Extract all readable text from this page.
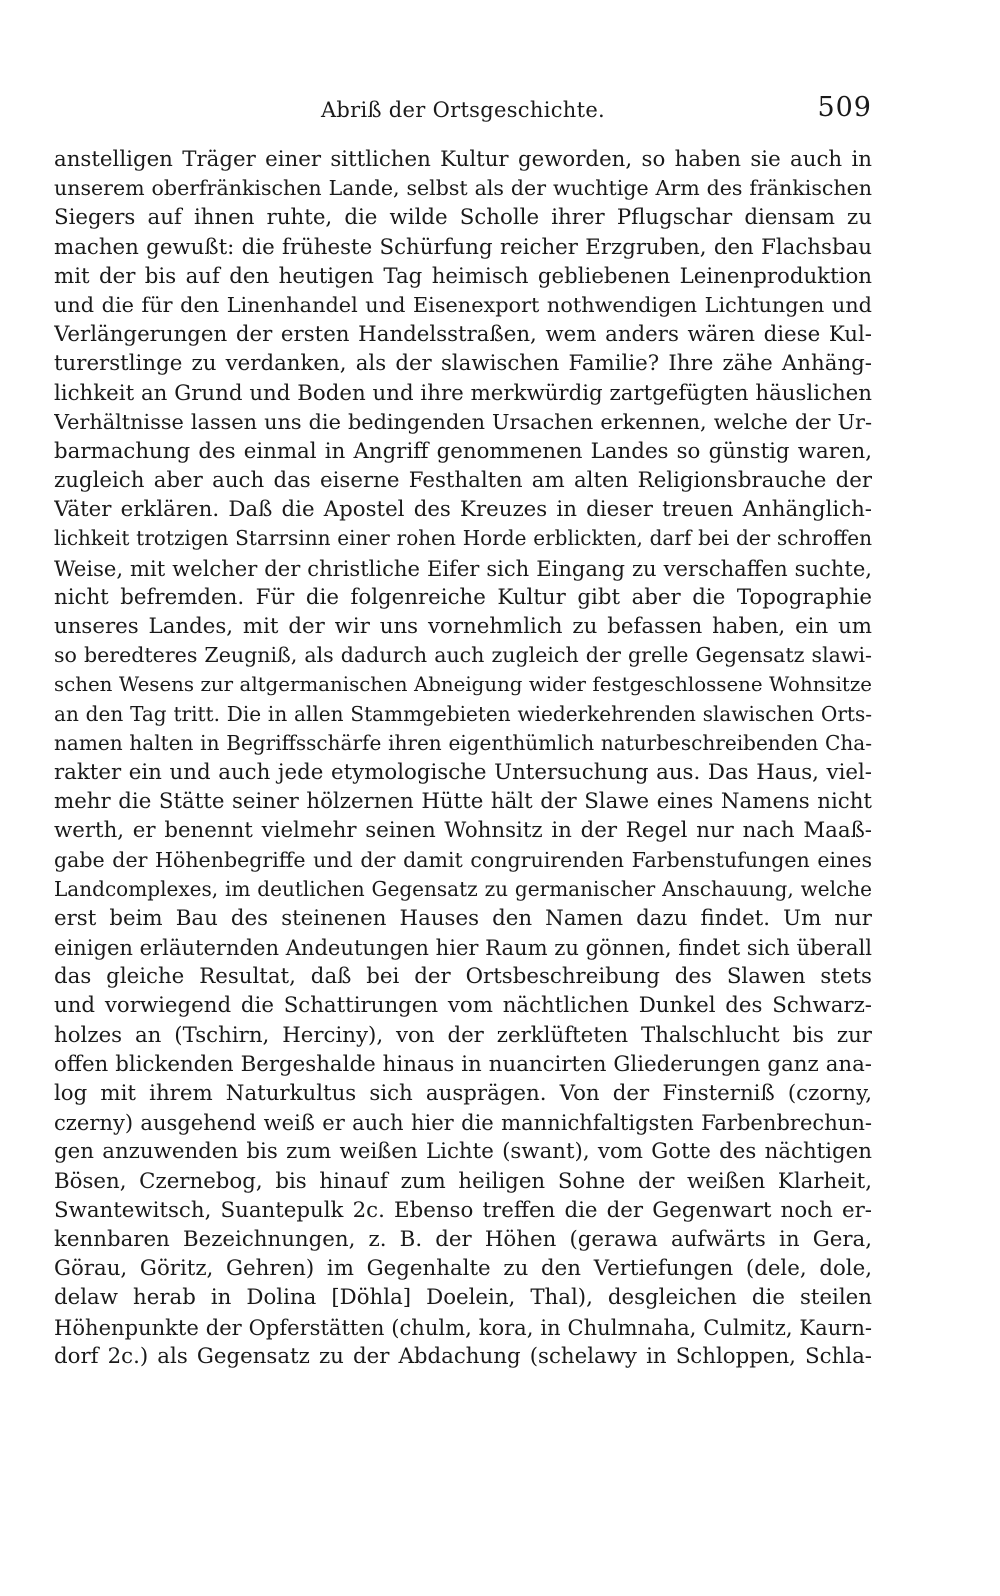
Abriß der Ortsgeschichte.	509
anstelligen Träger einer sittlichen Kultur geworden, so haben sie auch in
unserem oberfränkischen Lande, selbst als der wuchtige Arm des fränkischen
Siegers auf ihnen ruhte, die wilde Scholle ihrer Pflugschar diensam zu
machen gewußt: die früheste Schürfung reicher Erzgruben, den Flachsbau
mit der bis auf den heutigen Tag heimisch gebliebenen Leinenproduktion
und die für den Linenhandel und Eisenexport nothwendigen Lichtungen und
Verlängerungen der ersten Handelsstraßen, wem anders wären diese Kul-
turerstlinge zu verdanken, als der slawischen Familie? Ihre zähe Anhäng-
lichkeit an Grund und Boden und ihre merkwürdig zartgefügten häuslichen
Verhältnisse lassen uns die bedingenden Ursachen erkennen, welche der Ur-
barmachung des einmal in Angriff genommenen Landes so günstig waren,
zugleich aber auch das eiserne Festhalten am alten Religionsbrauche der
Väter erklären. Daß die Apostel des Kreuzes in dieser treuen Anhänglich-
lichkeit trotzigen Starrsinn einer rohen Horde erblickten, darf bei der schroffen
Weise, mit welcher der christliche Eifer sich Eingang zu verschaffen suchte,
nicht befremden. Für die folgenreiche Kultur gibt aber die Topographie
unseres Landes, mit der wir uns vornehmlich zu befassen haben, ein um
so beredteres Zeugniß, als dadurch auch zugleich der grelle Gegensatz slawi-
schen Wesens zur altgermanischen Abneigung wider festgeschlossene Wohnsitze
an den Tag tritt. Die in allen Stammgebieten wiederkehrenden slawischen Orts-
namen halten in Begriffsschärfe ihren eigenthümlich naturbeschreibenden Cha-
rakter ein und auch jede etymologische Untersuchung aus. Das Haus, viel-
mehr die Stätte seiner hölzernen Hütte hält der Slawe eines Namens nicht
werth, er benennt vielmehr seinen Wohnsitz in der Regel nur nach Maaß-
gabe der Höhenbegriffe und der damit congruirenden Farbenstufungen eines
Landcomplexes, im deutlichen Gegensatz zu germanischer Anschauung, welche
erst beim Bau des steinenen Hauses den Namen dazu findet. Um nur
einigen erläuternden Andeutungen hier Raum zu gönnen, findet sich überall
das gleiche Resultat, daß bei der Ortsbeschreibung des Slawen stets
und vorwiegend die Schattirungen vom nächtlichen Dunkel des Schwarz-
holzes an (Tschirn, Herciny), von der zerklüfteten Thalschlucht bis zur
offen blickenden Bergeshalde hinaus in nuancirten Gliederungen ganz ana-
log mit ihrem Naturkultus sich ausprägen. Von der Finsterniß (czorny,
czerny) ausgehend weiß er auch hier die mannichfaltigsten Farbenbrechun-
gen anzuwenden bis zum weißen Lichte (swant), vom Gotte des nächtigen
Bösen, Czernebog, bis hinauf zum heiligen Sohne der weißen Klarheit,
Swantewitsch, Suantepulk 2c. Ebenso treffen die der Gegenwart noch er-
kennbaren Bezeichnungen, z. B. der Höhen (gerawa aufwärts in Gera,
Görau, Göritz, Gehren) im Gegenhalte zu den Vertiefungen (dele, dole,
delaw herab in Dolina [Döhla] Doelein, Thal), desgleichen die steilen
Höhenpunkte der Opferstätten (chulm, kora, in Chulmnaha, Culmitz, Kaurn-
dorf 2c.) als Gegensatz zu der Abdachung (schelawy in Schloppen, Schla-
